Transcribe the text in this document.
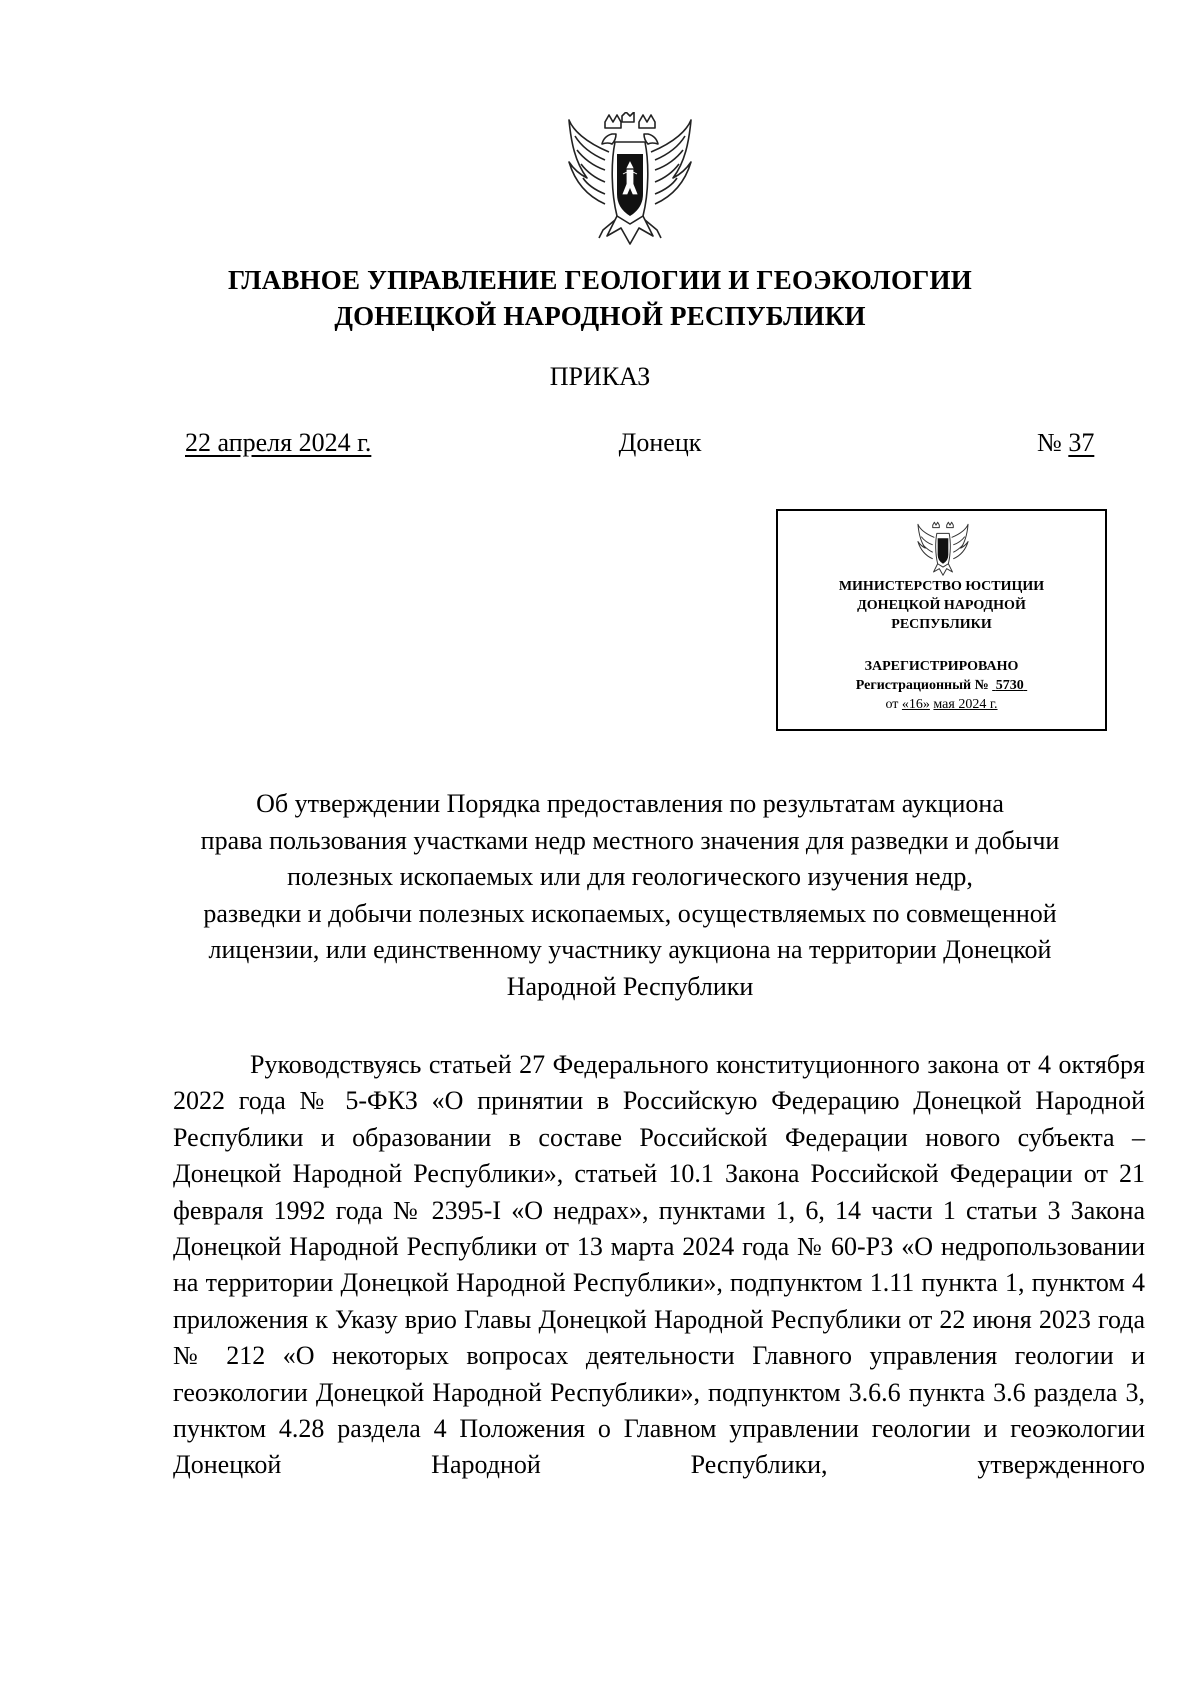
ГЛАВНОЕ УПРАВЛЕНИЕ ГЕОЛОГИИ И ГЕОЭКОЛОГИИ
ДОНЕЦКОЙ НАРОДНОЙ РЕСПУБЛИКИ
ПРИКАЗ
22 апреля 2024 г.	Донецк	№ 37
МИНИСТЕРСТВО ЮСТИЦИИ
ДОНЕЦКОЙ НАРОДНОЙ
РЕСПУБЛИКИ
ЗАРЕГИСТРИРОВАНО
Регистрационный № 5730
от «16» мая 2024 г.
Об утверждении Порядка предоставления по результатам аукциона
права пользования участками недр местного значения для разведки и добычи
полезных ископаемых или для геологического изучения недр,
разведки и добычи полезных ископаемых, осуществляемых по совмещенной
лицензии, или единственному участнику аукциона на территории Донецкой
Народной Республики

Руководствуясь статьей 27 Федерального конституционного закона от 4 октября 2022 года № 5-ФКЗ «О принятии в Российскую Федерацию Донецкой Народной Республики и образовании в составе Российской Федерации нового субъекта – Донецкой Народной Республики», статьей 10.1 Закона Российской Федерации от 21 февраля 1992 года № 2395-I «О недрах», пунктами 1, 6, 14 части 1 статьи 3 Закона Донецкой Народной Республики от 13 марта 2024 года № 60-РЗ «О недропользовании на территории Донецкой Народной Республики», подпунктом 1.11 пункта 1, пунктом 4 приложения к Указу врио Главы Донецкой Народной Республики от 22 июня 2023 года № 212 «О некоторых вопросах деятельности Главного управления геологии и геоэкологии Донецкой Народной Республики», подпунктом 3.6.6 пункта 3.6 раздела 3, пунктом 4.28 раздела 4 Положения о Главном управлении геологии и геоэкологии Донецкой Народной Республики, утвержденного
